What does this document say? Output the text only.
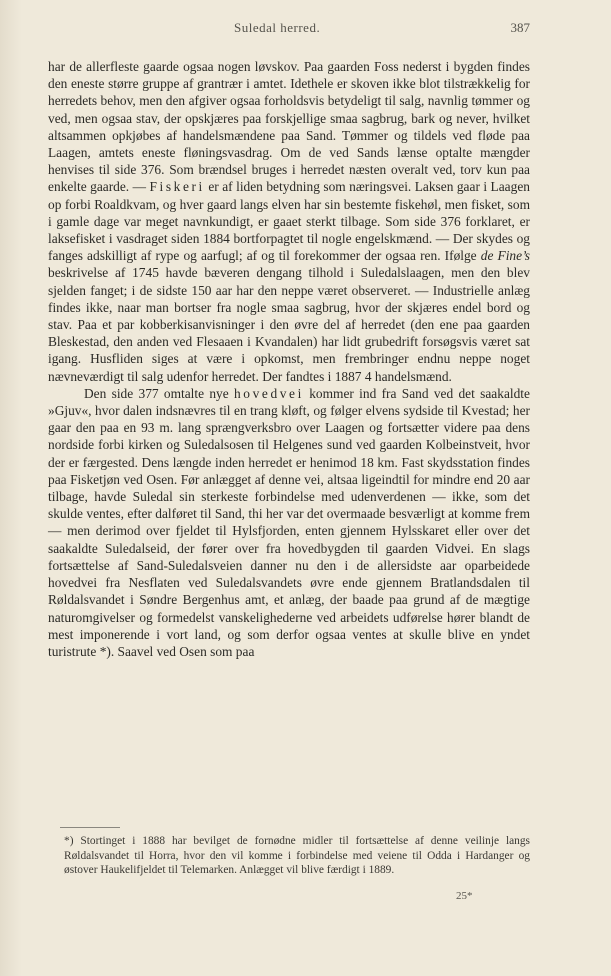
Suledal herred.	387

har de allerfleste gaarde ogsaa nogen løvskov. Paa gaarden Foss nederst i bygden findes den eneste større gruppe af grantrær i amtet. Idethele er skoven ikke blot tilstrækkelig for herredets behov, men den afgiver ogsaa forholdsvis betydeligt til salg, navnlig tømmer og ved, men ogsaa stav, der opskjæres paa forskjellige smaa sagbrug, bark og never, hvilket altsammen opkjøbes af handelsmændene paa Sand. Tømmer og tildels ved fløde paa Laagen, amtets eneste fløningsvasdrag. Om de ved Sands lænse optalte mængder henvises til side 376. Som brændsel bruges i herredet næsten overalt ved, torv kun paa enkelte gaarde. — Fiskeri er af liden betydning som næringsvei. Laksen gaar i Laagen op forbi Roaldkvam, og hver gaard langs elven har sin bestemte fiskehøl, men fisket, som i gamle dage var meget navnkundigt, er gaaet sterkt tilbage. Som side 376 forklaret, er laksefisket i vasdraget siden 1884 bortforpagtet til nogle engelskmænd. — Der skydes og fanges adskilligt af rype og aarfugl; af og til forekommer der ogsaa ren. Ifølge de Fine’s beskrivelse af 1745 havde bæveren dengang tilhold i Suledalslaagen, men den blev sjelden fanget; i de sidste 150 aar har den neppe været observeret. — Industrielle anlæg findes ikke, naar man bortser fra nogle smaa sagbrug, hvor der skjæres endel bord og stav. Paa et par kobberkisanvisninger i den øvre del af herredet (den ene paa gaarden Bleskestad, den anden ved Flesaaen i Kvandalen) har lidt grubedrift forsøgsvis været sat igang. Husfliden siges at være i opkomst, men frembringer endnu neppe noget nævneværdigt til salg udenfor herredet. Der fandtes i 1887 4 handelsmænd.

Den side 377 omtalte nye hovedvei kommer ind fra Sand ved det saakaldte »Gjuv«, hvor dalen indsnævres til en trang kløft, og følger elvens sydside til Kvestad; her gaar den paa en 93 m. lang sprængverksbro over Laagen og fortsætter videre paa dens nordside forbi kirken og Suledalsosen til Helgenes sund ved gaarden Kolbeinstveit, hvor der er færgested. Dens længde inden herredet er henimod 18 km. Fast skydsstation findes paa Fisketjøn ved Osen. Før anlægget af denne vei, altsaa ligeindtil for mindre end 20 aar tilbage, havde Suledal sin sterkeste forbindelse med udenverdenen — ikke, som det skulde ventes, efter dalføret til Sand, thi her var det overmaade besværligt at komme frem — men derimod over fjeldet til Hylsfjorden, enten gjennem Hylsskaret eller over det saakaldte Suledalseid, der fører over fra hovedbygden til gaarden Vidvei. En slags fortsættelse af Sand-Suledalsveien danner nu den i de allersidste aar oparbeidede hovedvei fra Nesflaten ved Suledalsvandets øvre ende gjennem Bratlandsdalen til Røldalsvandet i Søndre Bergenhus amt, et anlæg, der baade paa grund af de mægtige naturomgivelser og formedelst vanskelighederne ved arbeidets udførelse hører blandt de mest imponerende i vort land, og som derfor ogsaa ventes at skulle blive en yndet turistrute *). Saavel ved Osen som paa

*) Stortinget i 1888 har bevilget de fornødne midler til fortsættelse af denne veilinje langs Røldalsvandet til Horra, hvor den vil komme i forbindelse med veiene til Odda i Hardanger og østover Haukelifjeldet til Telemarken. Anlægget vil blive færdigt i 1889.

25*
